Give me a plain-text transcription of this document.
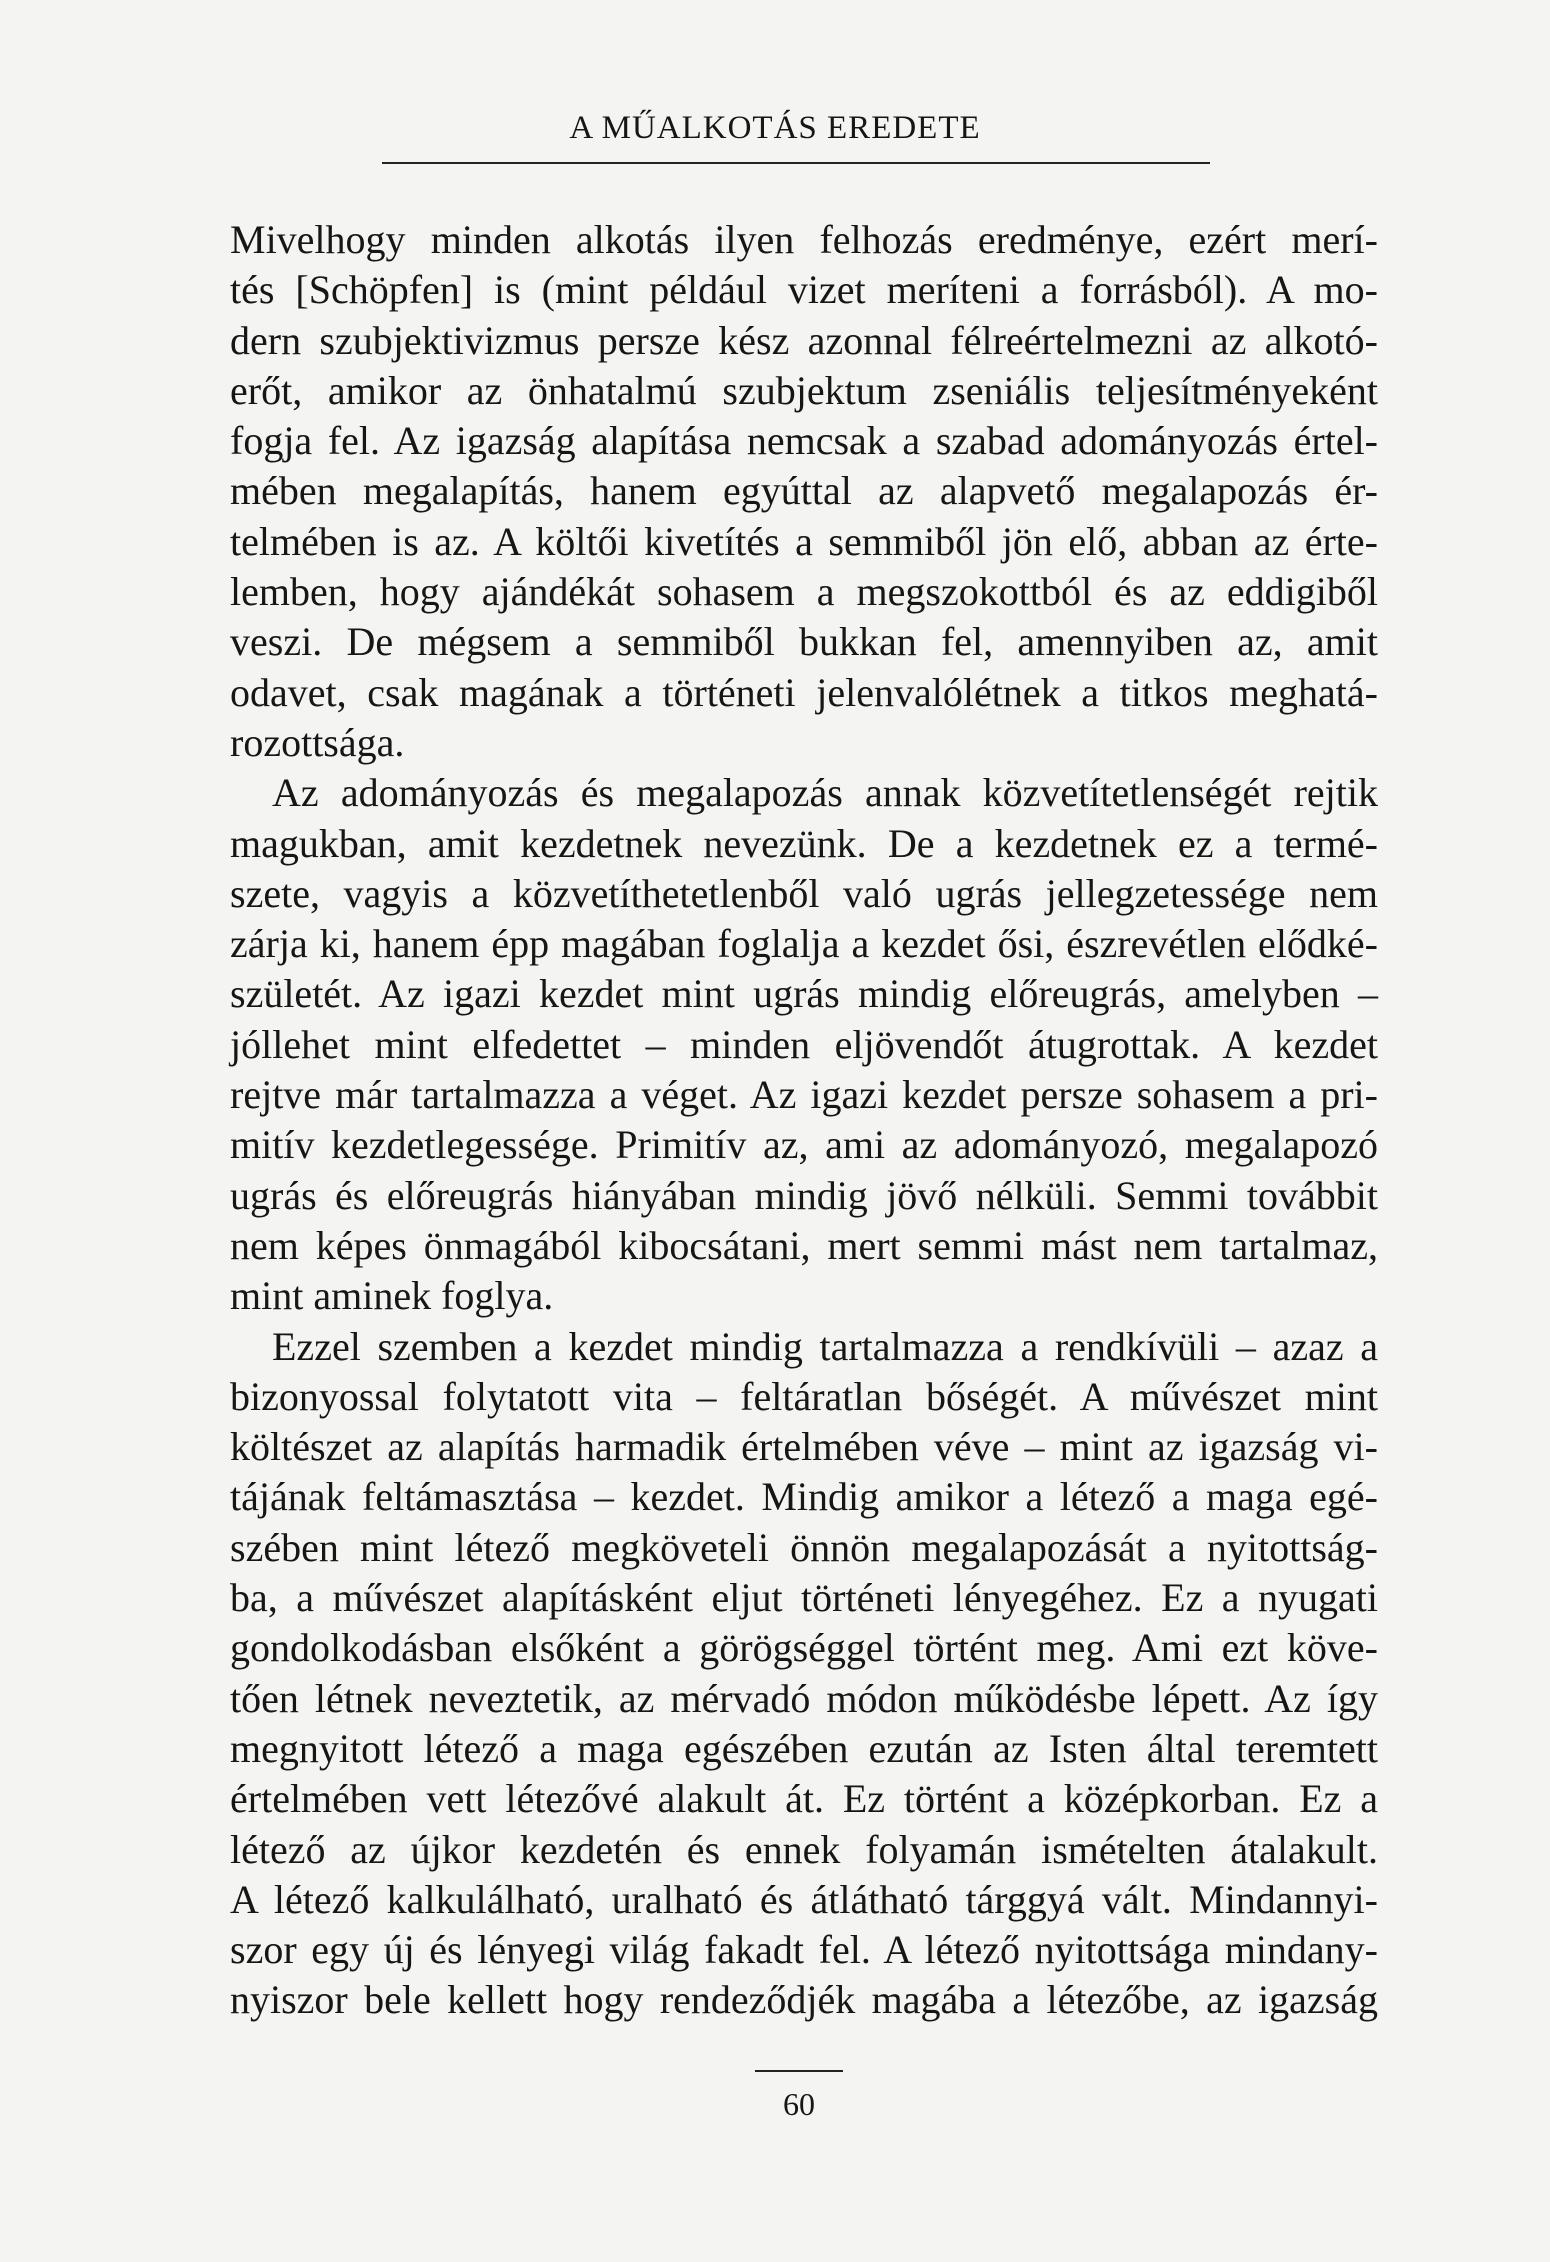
A MŰALKOTÁS EREDETE
Mivelhogy minden alkotás ilyen felhozás eredménye, ezért merí-
tés [Schöpfen] is (mint például vizet meríteni a forrásból). A mo-
dern szubjektivizmus persze kész azonnal félreértelmezni az alkotó-
erőt, amikor az önhatalmú szubjektum zseniális teljesítményeként
fogja fel. Az igazság alapítása nemcsak a szabad adományozás értel-
mében megalapítás, hanem egyúttal az alapvető megalapozás ér-
telmében is az. A költői kivetítés a semmiből jön elő, abban az érte-
lemben, hogy ajándékát sohasem a megszokottból és az eddigiből
veszi. De mégsem a semmiből bukkan fel, amennyiben az, amit
odavet, csak magának a történeti jelenvalólétnek a titkos meghatá-
rozottsága.
Az adományozás és megalapozás annak közvetítetlenségét rejtik
magukban, amit kezdetnek nevezünk. De a kezdetnek ez a termé-
szete, vagyis a közvetíthetetlenből való ugrás jellegzetessége nem
zárja ki, hanem épp magában foglalja a kezdet ősi, észrevétlen elődké-
születét. Az igazi kezdet mint ugrás mindig előreugrás, amelyben –
jóllehet mint elfedettet – minden eljövendőt átugrottak. A kezdet
rejtve már tartalmazza a véget. Az igazi kezdet persze sohasem a pri-
mitív kezdetlegessége. Primitív az, ami az adományozó, megalapozó
ugrás és előreugrás hiányában mindig jövő nélküli. Semmi továbbit
nem képes önmagából kibocsátani, mert semmi mást nem tartalmaz,
mint aminek foglya.
Ezzel szemben a kezdet mindig tartalmazza a rendkívüli – azaz a
bizonyossal folytatott vita – feltáratlan bőségét. A művészet mint
költészet az alapítás harmadik értelmében véve – mint az igazság vi-
tájának feltámasztása – kezdet. Mindig amikor a létező a maga egé-
szében mint létező megköveteli önnön megalapozását a nyitottság-
ba, a művészet alapításként eljut történeti lényegéhez. Ez a nyugati
gondolkodásban elsőként a görögséggel történt meg. Ami ezt köve-
tően létnek neveztetik, az mérvadó módon működésbe lépett. Az így
megnyitott létező a maga egészében ezután az Isten által teremtett
értelmében vett létezővé alakult át. Ez történt a középkorban. Ez a
létező az újkor kezdetén és ennek folyamán ismételten átalakult.
A létező kalkulálható, uralható és átlátható tárggyá vált. Mindannyi-
szor egy új és lényegi világ fakadt fel. A létező nyitottsága mindany-
nyiszor bele kellett hogy rendeződjék magába a létezőbe, az igazság
60
